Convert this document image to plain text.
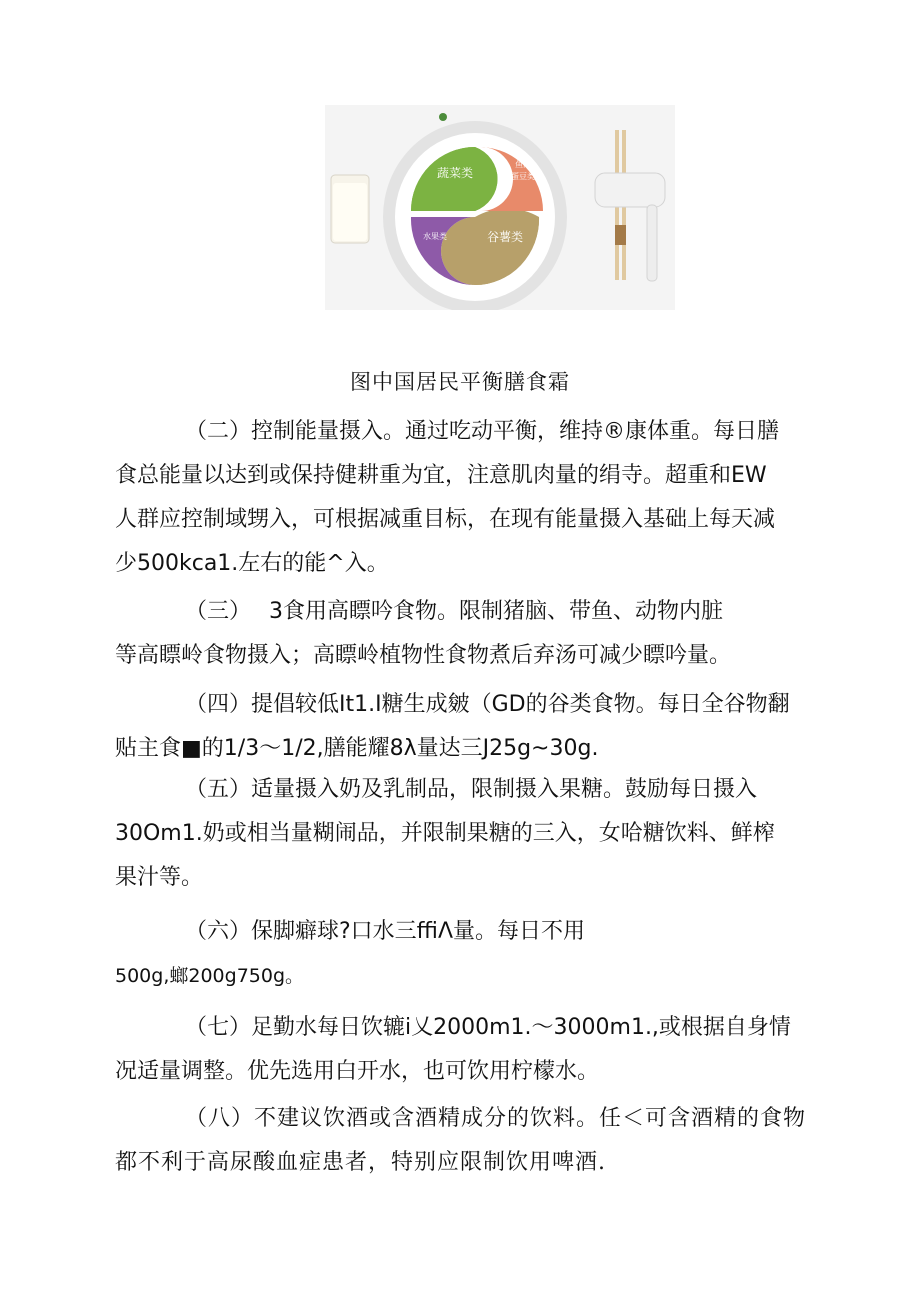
蔬菜类
鱼肉
蛋豆类
水果类	谷薯类
图中国居民平衡膳食霜

（二）控制能量摄入。通过吃动平衡，维持®康体重。每日膳

食总能量以达到或保持健耕重为宜，注意肌肉量的绢寺。超重和EW

人群应控制域甥入，可根据减重目标，在现有能量摄入基础上每天减

少500kca1.左右的能^入。

（三）　 3食用高瞟吟食物。限制猪脑、带鱼、动物内脏

等高瞟岭食物摄入；高瞟岭植物性食物煮后弃汤可减少瞟吟量。

（四）提倡较低It1.I糖生成皴（GD的谷类食物。每日全谷物翻

贴主食■的1/3～1/2,膳能耀8λ量达三J25g~30g.

（五）适量摄入奶及乳制品，限制摄入果糖。鼓励每日摄入

30Om1.奶或相当量糊闹品，并限制果糖的三入，女哈糖饮料、鲜榨

果汁等。

（六）保脚癖球?口水三ffiΛ量。每日不用

500g,螂200g750g。

（七）足勤水每日饮辘i乂2000m1.～3000m1.,或根据自身情

况适量调整。优先选用白开水，也可饮用柠檬水。

（八）不建议饮酒或含酒精成分的饮料。任＜可含酒精的食物

都不利于高尿酸血症患者，特别应限制饮用啤酒.
